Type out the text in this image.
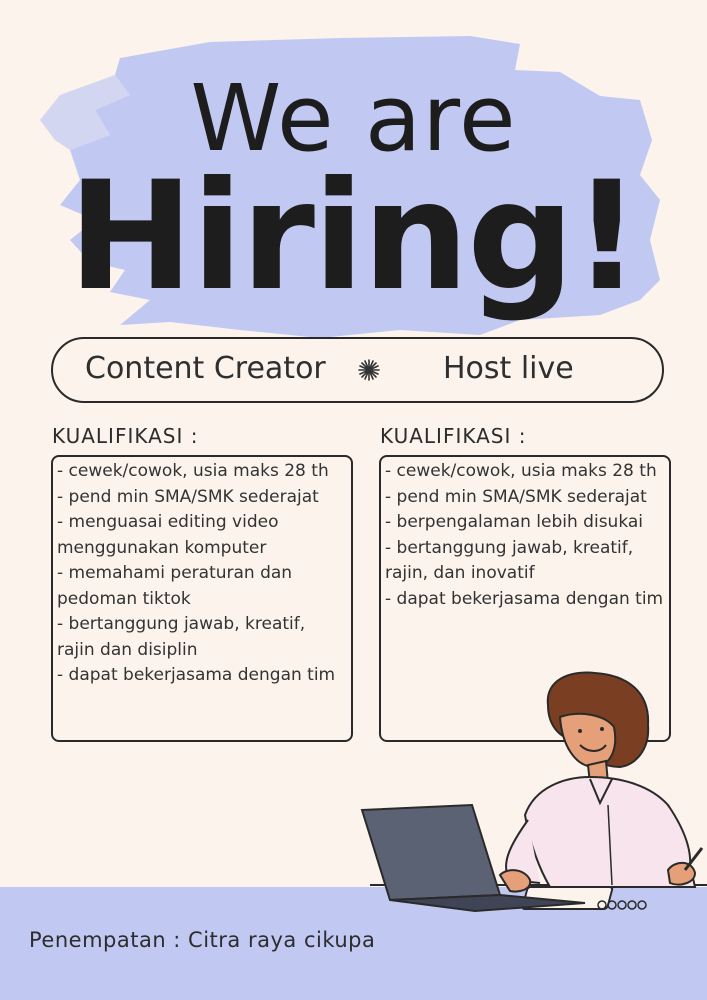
We are
Hiring!
Content Creator	Host live
KUALIFIKASI :	KUALIFIKASI :
- cewek/cowok, usia maks 28 th
- pend min SMA/SMK sederajat
- menguasai editing video menggunakan komputer
- memahami peraturan dan pedoman tiktok
- bertanggung jawab, kreatif, rajin dan disiplin
- dapat bekerjasama dengan tim
- cewek/cowok, usia maks 28 th
- pend min SMA/SMK sederajat
- berpengalaman lebih disukai
- bertanggung jawab, kreatif, rajin, dan inovatif
- dapat bekerjasama dengan tim
Penempatan : Citra raya cikupa
